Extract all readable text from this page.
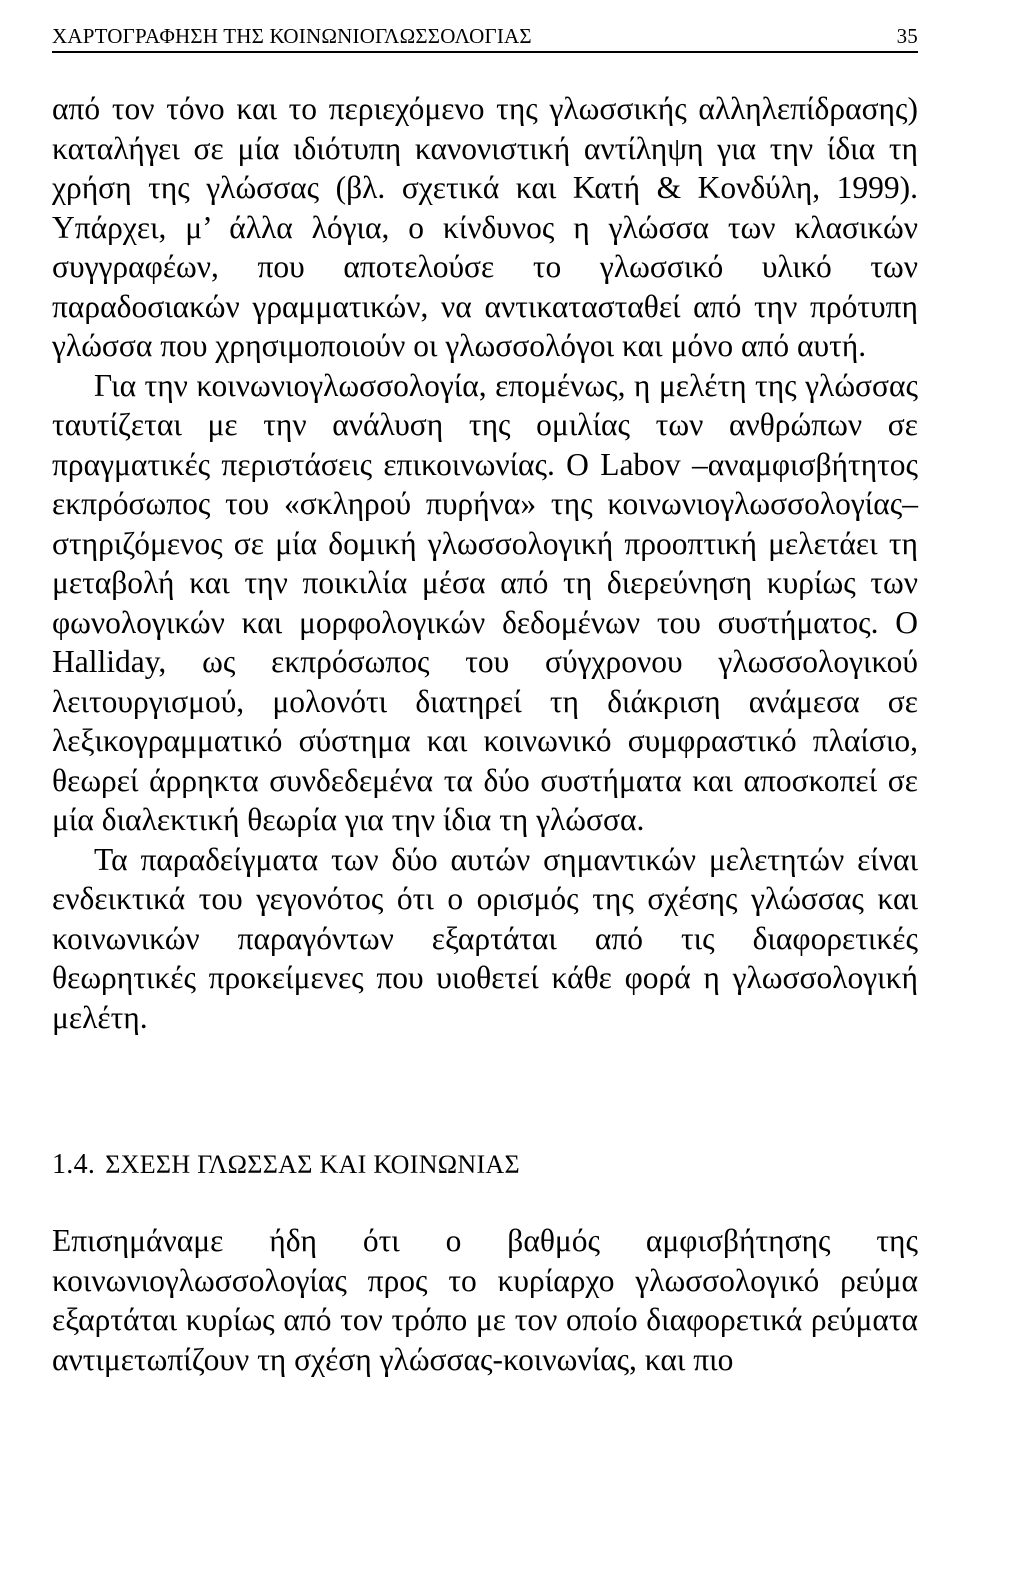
ΧΑΡΤΟΓΡΑΦΗΣΗ ΤΗΣ ΚΟΙΝΩΝΙΟΓΛΩΣΣΟΛΟΓΙΑΣ	35

από τον τόνο και το περιεχόμενο της γλωσσικής αλληλεπίδρασης) καταλήγει σε μία ιδιότυπη κανονιστική αντίληψη για την ίδια τη χρήση της γλώσσας (βλ. σχετικά και Κατή & Κονδύλη, 1999). Υπάρχει, μ’ άλλα λόγια, ο κίνδυνος η γλώσσα των κλασικών συγγραφέων, που αποτελούσε το γλωσσικό υλικό των παραδοσιακών γραμματικών, να αντικατασταθεί από την πρότυπη γλώσσα που χρησιμοποιούν οι γλωσσολόγοι και μόνο από αυτή.

Για την κοινωνιογλωσσολογία, επομένως, η μελέτη της γλώσσας ταυτίζεται με την ανάλυση της ομιλίας των ανθρώπων σε πραγματικές περιστάσεις επικοινωνίας. Ο Labov –αναμφισβήτητος εκπρόσωπος του «σκληρού πυρήνα» της κοινωνιογλωσσολογίας– στηριζόμενος σε μία δομική γλωσσολογική προοπτική μελετάει τη μεταβολή και την ποικιλία μέσα από τη διερεύνηση κυρίως των φωνολογικών και μορφολογικών δεδομένων του συστήματος. Ο Halliday, ως εκπρόσωπος του σύγχρονου γλωσσολογικού λειτουργισμού, μολονότι διατηρεί τη διάκριση ανάμεσα σε λεξικογραμματικό σύστημα και κοινωνικό συμφραστικό πλαίσιο, θεωρεί άρρηκτα συνδεδεμένα τα δύο συστήματα και αποσκοπεί σε μία διαλεκτική θεωρία για την ίδια τη γλώσσα.

Τα παραδείγματα των δύο αυτών σημαντικών μελετητών είναι ενδεικτικά του γεγονότος ότι ο ορισμός της σχέσης γλώσσας και κοινωνικών παραγόντων εξαρτάται από τις διαφορετικές θεωρητικές προκείμενες που υιοθετεί κάθε φορά η γλωσσολογική μελέτη.

1.4. ΣΧΕΣΗ ΓΛΩΣΣΑΣ ΚΑΙ ΚΟΙΝΩΝΙΑΣ

Επισημάναμε ήδη ότι ο βαθμός αμφισβήτησης της κοινωνιογλωσσολογίας προς το κυρίαρχο γλωσσολογικό ρεύμα εξαρτάται κυρίως από τον τρόπο με τον οποίο διαφορετικά ρεύματα αντιμετωπίζουν τη σχέση γλώσσας-κοινωνίας, και πιο
